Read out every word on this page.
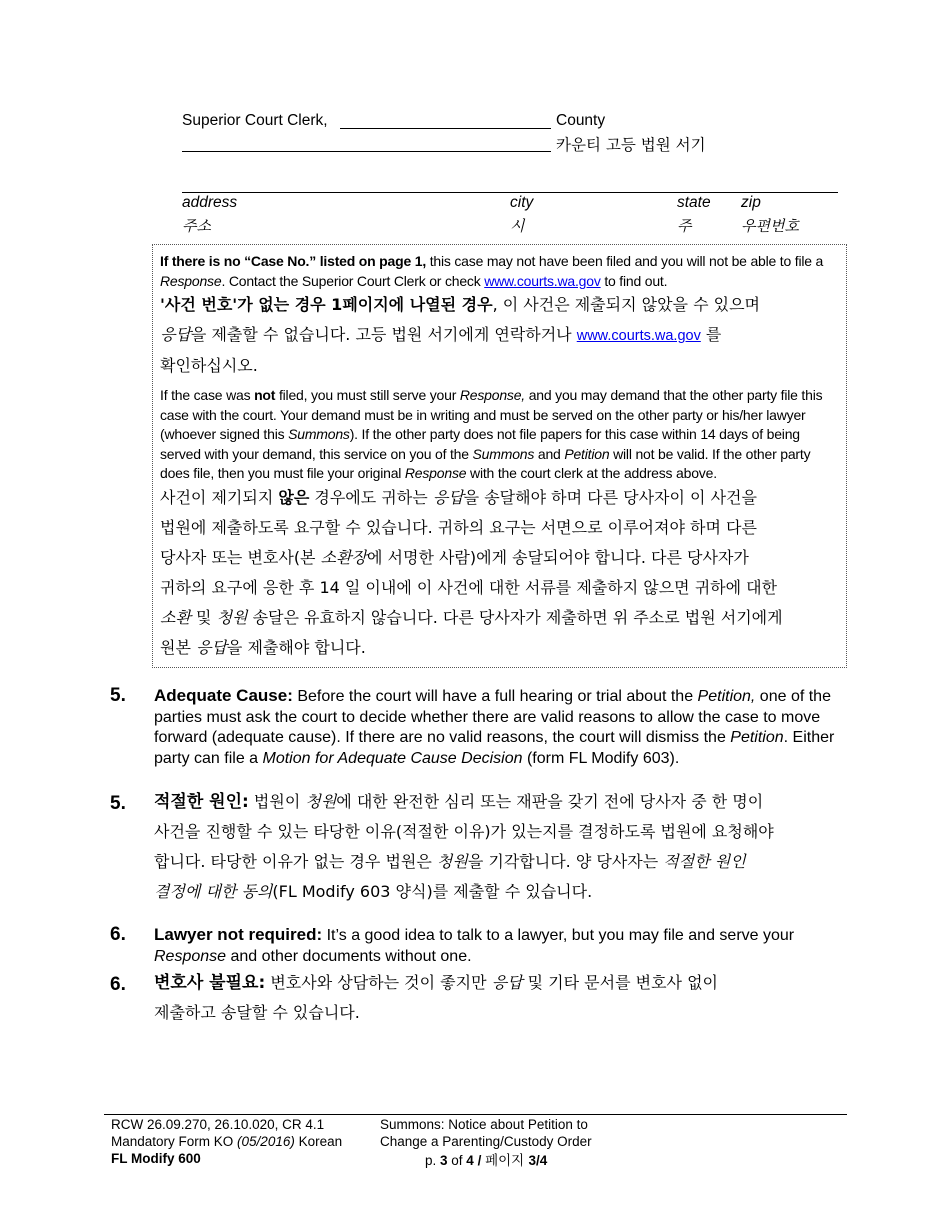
Superior Court Clerk,	County
카운티 고등 법원 서기
address	city	state zip
주소	시	주	우편번호
If there is no “Case No.” listed on page 1, this case may not have been filed and you will not be able to file a Response. Contact the Superior Court Clerk or check www.courts.wa.gov to find out.
'사건 번호'가 없는 경우 1페이지에 나열된 경우, 이 사건은 제출되지 않았을 수 있으며
응답을 제출할 수 없습니다. 고등 법원 서기에게 연락하거나 www.courts.wa.gov 를
확인하십시오.
If the case was not filed, you must still serve your Response, and you may demand that the other party file this case with the court. Your demand must be in writing and must be served on the other party or his/her lawyer (whoever signed this Summons). If the other party does not file papers for this case within 14 days of being served with your demand, this service on you of the Summons and Petition will not be valid. If the other party does file, then you must file your original Response with the court clerk at the address above.
사건이 제기되지 않은 경우에도 귀하는 응답을 송달해야 하며 다른 당사자이 이 사건을
법원에 제출하도록 요구할 수 있습니다. 귀하의 요구는 서면으로 이루어져야 하며 다른
당사자 또는 변호사(본 소환장에 서명한 사람)에게 송달되어야 합니다. 다른 당사자가
귀하의 요구에 응한 후 14 일 이내에 이 사건에 대한 서류를 제출하지 않으면 귀하에 대한
소환 및 청원 송달은 유효하지 않습니다. 다른 당사자가 제출하면 위 주소로 법원 서기에게
원본 응답을 제출해야 합니다.
5. Adequate Cause: Before the court will have a full hearing or trial about the Petition, one of the parties must ask the court to decide whether there are valid reasons to allow the case to move forward (adequate cause). If there are no valid reasons, the court will dismiss the Petition. Either party can file a Motion for Adequate Cause Decision (form FL Modify 603).
5. 적절한 원인: 법원이 청원에 대한 완전한 심리 또는 재판을 갖기 전에 당사자 중 한 명이
사건을 진행할 수 있는 타당한 이유(적절한 이유)가 있는지를 결정하도록 법원에 요청해야
합니다. 타당한 이유가 없는 경우 법원은 청원을 기각합니다. 양 당사자는 적절한 원인
결정에 대한 동의(FL Modify 603 양식)를 제출할 수 있습니다.
6. Lawyer not required: It’s a good idea to talk to a lawyer, but you may file and serve your Response and other documents without one.
6. 변호사 불필요: 변호사와 상담하는 것이 좋지만 응답 및 기타 문서를 변호사 없이
제출하고 송달할 수 있습니다.
RCW 26.09.270, 26.10.020, CR 4.1
Mandatory Form KO (05/2016) Korean
FL Modify 600
Summons: Notice about Petition to
Change a Parenting/Custody Order
p. 3 of 4 / 페이지 3/4
